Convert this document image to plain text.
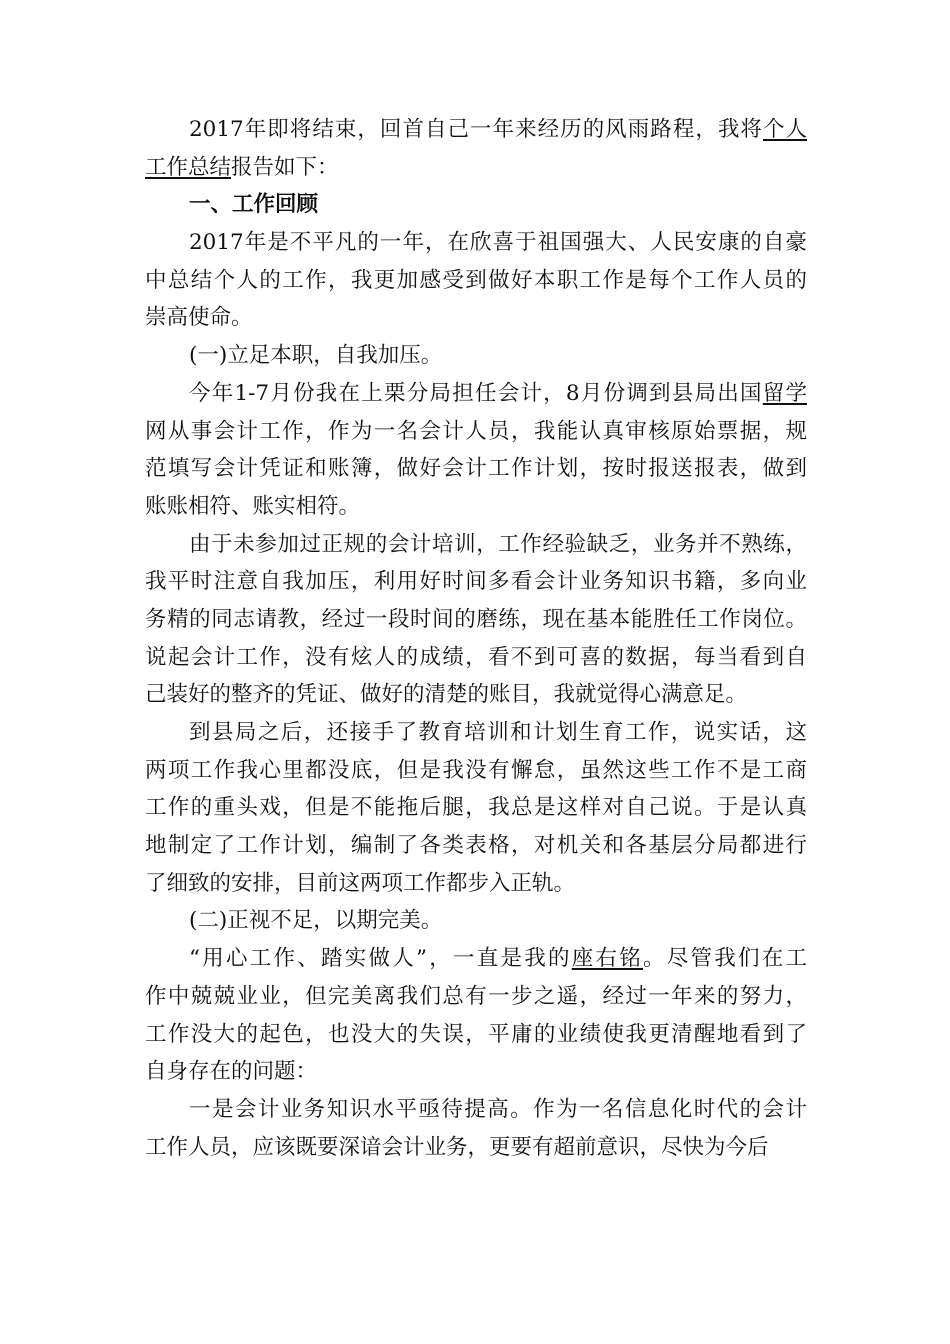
2017年即将结束，回首自己一年来经历的风雨路程，我将个人
工作总结报告如下：
一、工作回顾
2017年是不平凡的一年，在欣喜于祖国强大、人民安康的自豪
中总结个人的工作，我更加感受到做好本职工作是每个工作人员的
崇高使命。
(一)立足本职，自我加压。
今年1-7月份我在上栗分局担任会计，8月份调到县局出国留学
网从事会计工作，作为一名会计人员，我能认真审核原始票据，规
范填写会计凭证和账簿，做好会计工作计划，按时报送报表，做到
账账相符、账实相符。
由于未参加过正规的会计培训，工作经验缺乏，业务并不熟练，
我平时注意自我加压，利用好时间多看会计业务知识书籍，多向业
务精的同志请教，经过一段时间的磨练，现在基本能胜任工作岗位。
说起会计工作，没有炫人的成绩，看不到可喜的数据，每当看到自
己装好的整齐的凭证、做好的清楚的账目，我就觉得心满意足。
到县局之后，还接手了教育培训和计划生育工作，说实话，这
两项工作我心里都没底，但是我没有懈怠，虽然这些工作不是工商
工作的重头戏，但是不能拖后腿，我总是这样对自己说。于是认真
地制定了工作计划，编制了各类表格，对机关和各基层分局都进行
了细致的安排，目前这两项工作都步入正轨。
(二)正视不足，以期完美。
“用心工作、踏实做人”，一直是我的座右铭。尽管我们在工
作中兢兢业业，但完美离我们总有一步之遥，经过一年来的努力，
工作没大的起色，也没大的失误，平庸的业绩使我更清醒地看到了
自身存在的问题：
一是会计业务知识水平亟待提高。作为一名信息化时代的会计
工作人员，应该既要深谙会计业务，更要有超前意识，尽快为今后
